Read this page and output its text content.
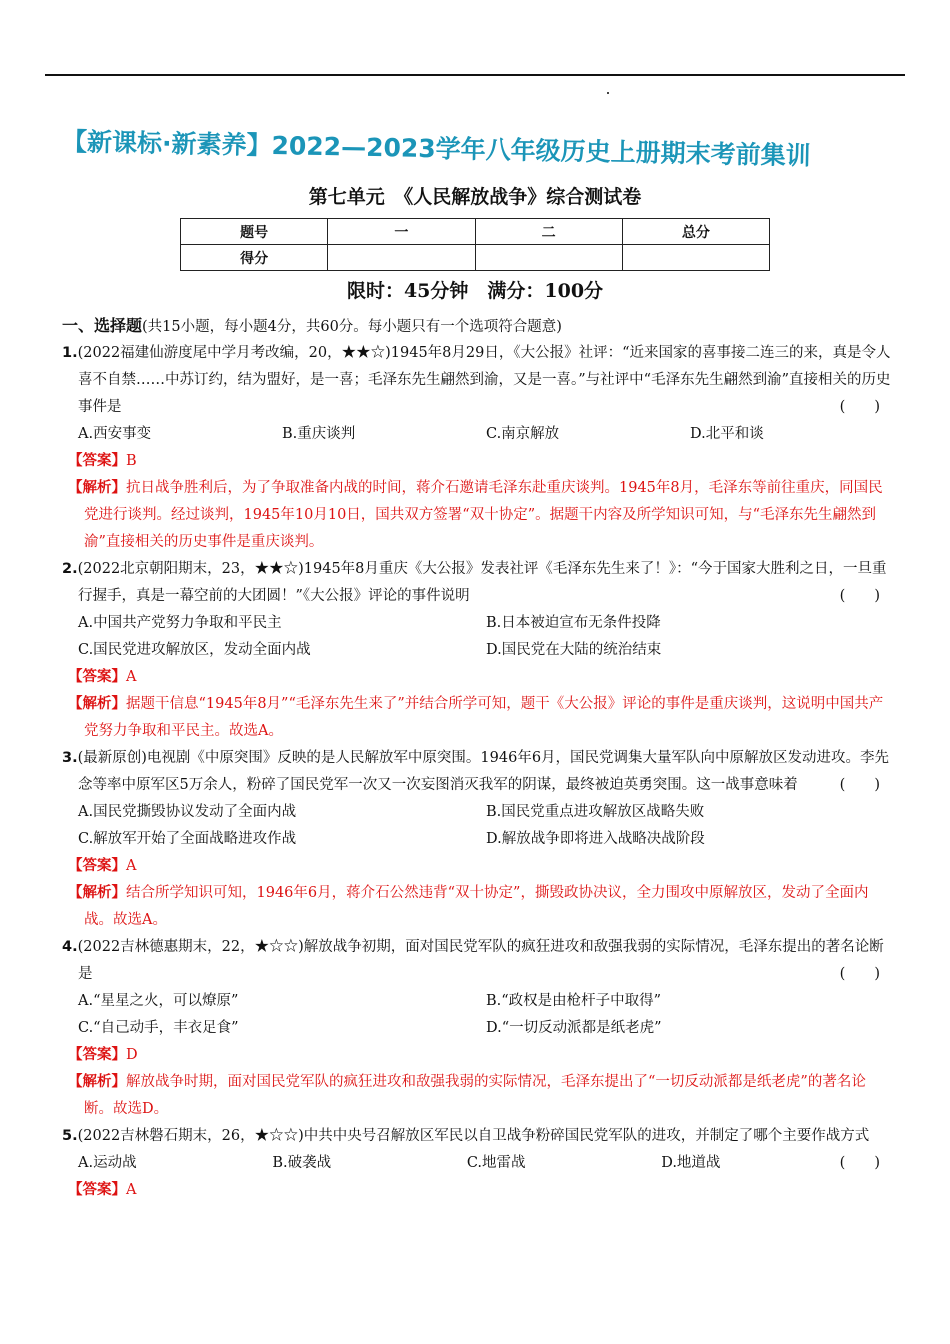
【新课标·新素养】2022—2023学年八年级历史上册期末考前集训
第七单元　《人民解放战争》综合测试卷
题号	一	二	总分
得分			
限时：45分钟　满分：100分
一、选择题(共15小题，每小题4分，共60分。每小题只有一个选项符合题意)
1.(2022福建仙游度尾中学月考改编，20，★★☆)1945年8月29日，《大公报》社评：“近来国家的喜事接二连三的来，真是令人喜不自禁……中苏订约，结为盟好，是一喜；毛泽东先生翩然到渝，又是一喜。”与社评中“毛泽东先生翩然到渝”直接相关的历史事件是	(　　)
A.西安事变	B.重庆谈判	C.南京解放	D.北平和谈
【答案】B
【解析】抗日战争胜利后，为了争取准备内战的时间，蒋介石邀请毛泽东赴重庆谈判。1945年8月，毛泽东等前往重庆，同国民党进行谈判。经过谈判，1945年10月10日，国共双方签署“双十协定”。据题干内容及所学知识可知，与“毛泽东先生翩然到渝”直接相关的历史事件是重庆谈判。
2.(2022北京朝阳期末，23，★★☆)1945年8月重庆《大公报》发表社评《毛泽东先生来了！》：“今于国家大胜利之日，一旦重行握手，真是一幕空前的大团圆！”《大公报》评论的事件说明	(　　)
A.中国共产党努力争取和平民主	B.日本被迫宣布无条件投降
C.国民党进攻解放区，发动全面内战	D.国民党在大陆的统治结束
【答案】A
【解析】据题干信息“1945年8月”“毛泽东先生来了”并结合所学可知，题干《大公报》评论的事件是重庆谈判，这说明中国共产党努力争取和平民主。故选A。
3.(最新原创)电视剧《中原突围》反映的是人民解放军中原突围。1946年6月，国民党调集大量军队向中原解放区发动进攻。李先念等率中原军区5万余人，粉碎了国民党军一次又一次妄图消灭我军的阴谋，最终被迫英勇突围。这一战事意味着	(　　)
A.国民党撕毁协议发动了全面内战	B.国民党重点进攻解放区战略失败
C.解放军开始了全面战略进攻作战	D.解放战争即将进入战略决战阶段
【答案】A
【解析】结合所学知识可知，1946年6月，蒋介石公然违背“双十协定”，撕毁政协决议，全力围攻中原解放区，发动了全面内战。故选A。
4.(2022吉林德惠期末，22，★☆☆)解放战争初期，面对国民党军队的疯狂进攻和敌强我弱的实际情况，毛泽东提出的著名论断是	(　　)
A.“星星之火，可以燎原”	B.“政权是由枪杆子中取得”
C.“自己动手，丰衣足食”	D.“一切反动派都是纸老虎”
【答案】D
【解析】解放战争时期，面对国民党军队的疯狂进攻和敌强我弱的实际情况，毛泽东提出了“一切反动派都是纸老虎”的著名论断。故选D。
5.(2022吉林磐石期末，26，★☆☆)中共中央号召解放区军民以自卫战争粉碎国民党军队的进攻，并制定了哪个主要作战方式
(　　)
A.运动战	B.破袭战	C.地雷战	D.地道战
【答案】A
